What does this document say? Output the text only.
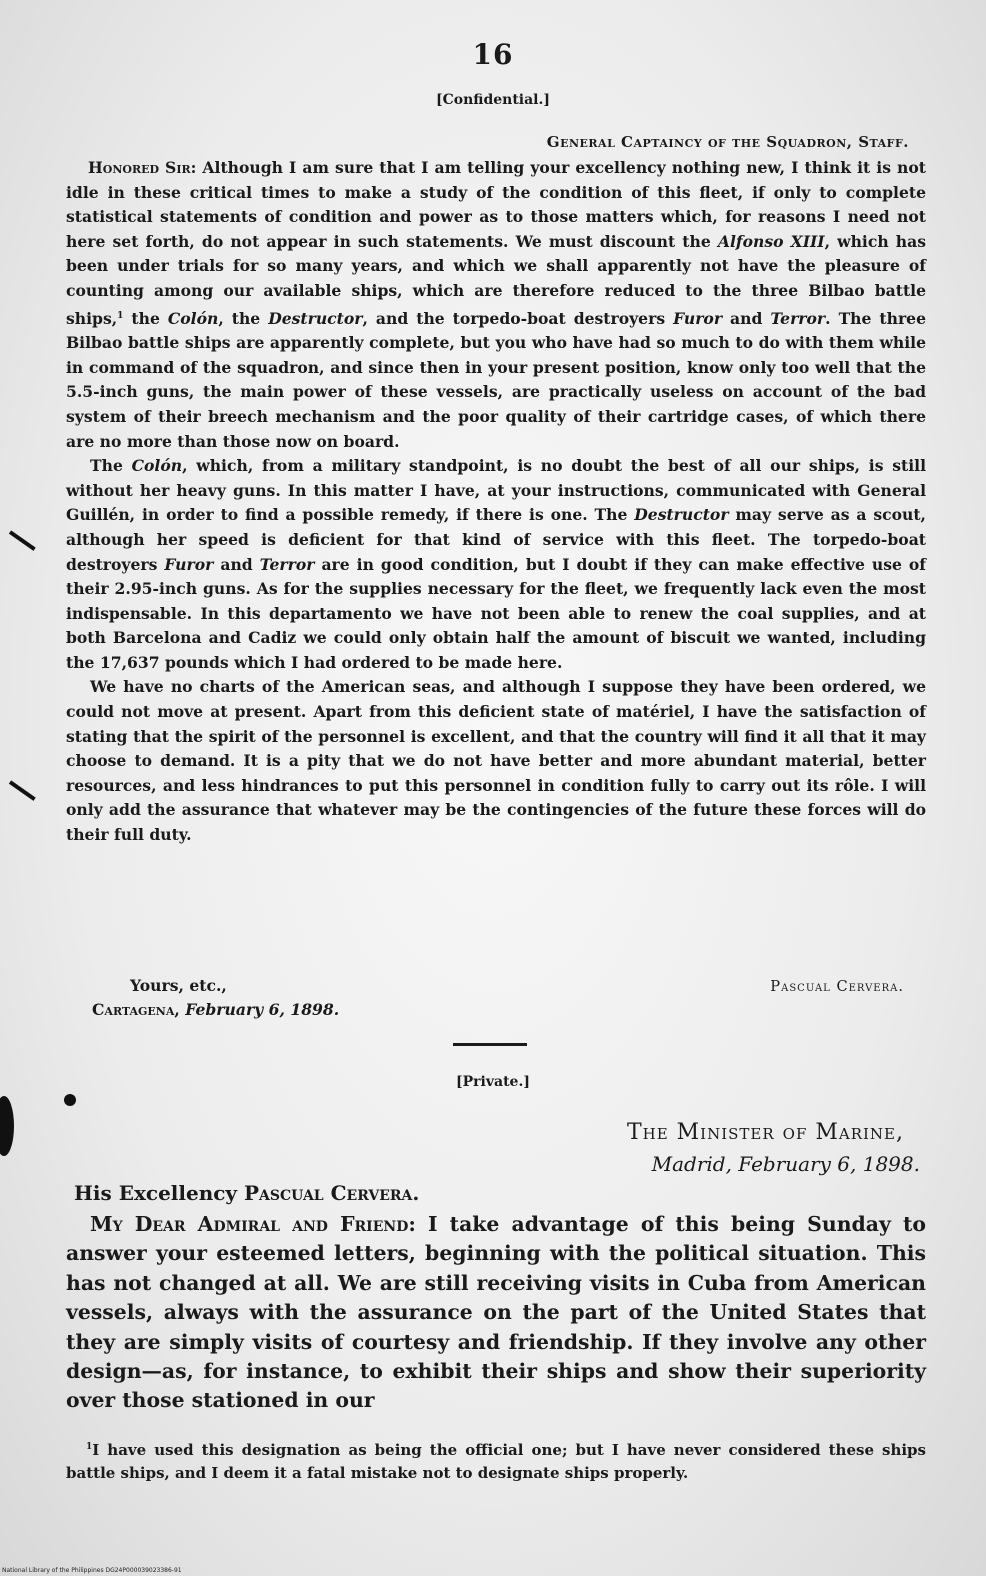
16
[Confidential.]
General Captaincy of the Squadron, Staff.

Honored Sir: Although I am sure that I am telling your excellency nothing new, I think it is not idle in these critical times to make a study of the condition of this fleet, if only to complete statistical statements of condition and power as to those matters which, for reasons I need not here set forth, do not appear in such statements. We must discount the Alfonso XIII, which has been under trials for so many years, and which we shall apparently not have the pleasure of counting among our available ships, which are therefore reduced to the three Bilbao battle ships,$^1$ the Colón, the Destructor, and the torpedo-boat destroyers Furor and Terror. The three Bilbao battle ships are apparently complete, but you who have had so much to do with them while in command of the squadron, and since then in your present position, know only too well that the 5.5-inch guns, the main power of these vessels, are practically useless on account of the bad system of their breech mechanism and the poor quality of their cartridge cases, of which there are no more than those now on board.

The Colón, which, from a military standpoint, is no doubt the best of all our ships, is still without her heavy guns. In this matter I have, at your instructions, communicated with General Guillén, in order to find a possible remedy, if there is one. The Destructor may serve as a scout, although her speed is deficient for that kind of service with this fleet. The torpedo-boat destroyers Furor and Terror are in good condition, but I doubt if they can make effective use of their 2.95-inch guns. As for the supplies necessary for the fleet, we frequently lack even the most indispensable. In this departamento we have not been able to renew the coal supplies, and at both Barcelona and Cadiz we could only obtain half the amount of biscuit we wanted, including the 17,637 pounds which I had ordered to be made here.

We have no charts of the American seas, and although I suppose they have been ordered, we could not move at present. Apart from this deficient state of matériel, I have the satisfaction of stating that the spirit of the personnel is excellent, and that the country will find it all that it may choose to demand. It is a pity that we do not have better and more abundant material, better resources, and less hindrances to put this personnel in condition fully to carry out its rôle. I will only add the assurance that whatever may be the contingencies of the future these forces will do their full duty.

Yours, etc.,	Pascual Cervera.
Cartagena, February 6, 1898.
[Private.]
The Minister of Marine,
Madrid, February 6, 1898.
His Excellency Pascual Cervera.

My Dear Admiral and Friend: I take advantage of this being Sunday to answer your esteemed letters, beginning with the political situation. This has not changed at all. We are still receiving visits in Cuba from American vessels, always with the assurance on the part of the United States that they are simply visits of courtesy and friendship. If they involve any other design—as, for instance, to exhibit their ships and show their superiority over those stationed in our

$^1$I have used this designation as being the official one; but I have never considered these ships battle ships, and I deem it a fatal mistake not to designate ships properly.

National Library of the Philippines DG24P000039023386-91
